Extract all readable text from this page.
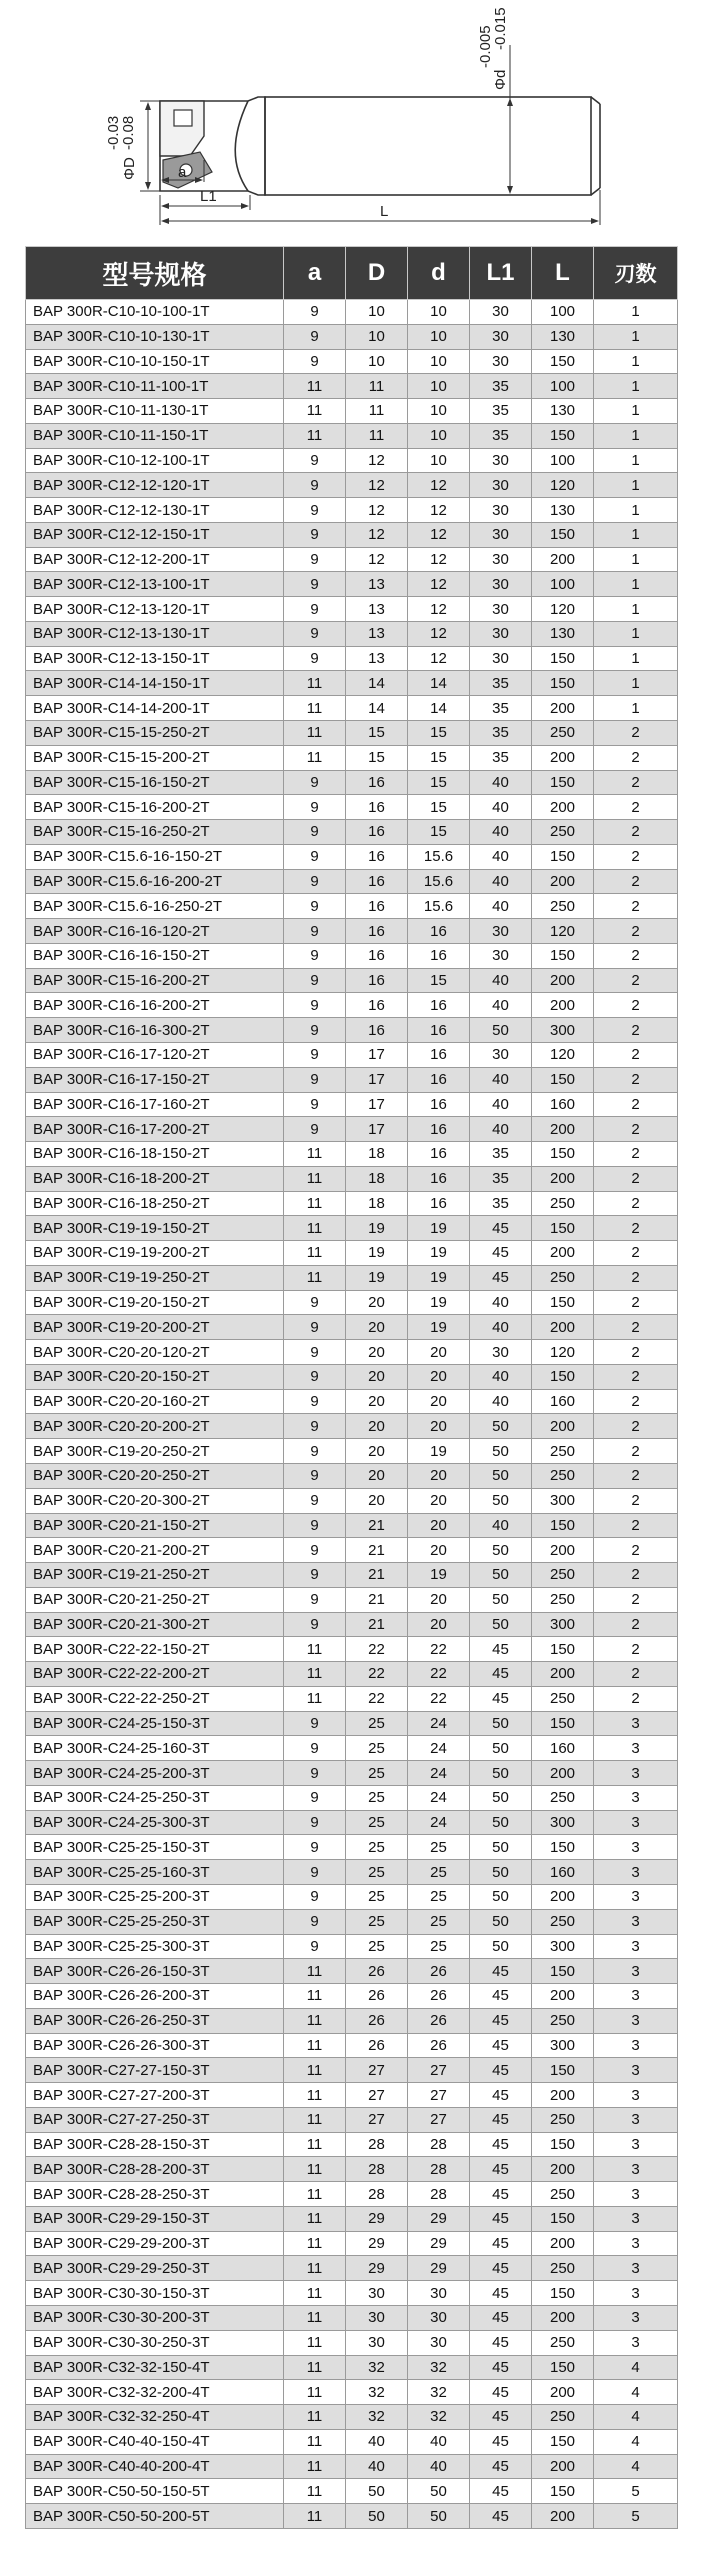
ΦD
-0.03
-0.08
Φd
-0.005
-0.015
a
L1
L
型号规格	a	D	d	L1	L	刃数
BAP 300R-C10-10-100-1T	9	10	10	30	100	1
BAP 300R-C10-10-130-1T	9	10	10	30	130	1
BAP 300R-C10-10-150-1T	9	10	10	30	150	1
BAP 300R-C10-11-100-1T	11	11	10	35	100	1
BAP 300R-C10-11-130-1T	11	11	10	35	130	1
BAP 300R-C10-11-150-1T	11	11	10	35	150	1
BAP 300R-C10-12-100-1T	9	12	10	30	100	1
BAP 300R-C12-12-120-1T	9	12	12	30	120	1
BAP 300R-C12-12-130-1T	9	12	12	30	130	1
BAP 300R-C12-12-150-1T	9	12	12	30	150	1
BAP 300R-C12-12-200-1T	9	12	12	30	200	1
BAP 300R-C12-13-100-1T	9	13	12	30	100	1
BAP 300R-C12-13-120-1T	9	13	12	30	120	1
BAP 300R-C12-13-130-1T	9	13	12	30	130	1
BAP 300R-C12-13-150-1T	9	13	12	30	150	1
BAP 300R-C14-14-150-1T	11	14	14	35	150	1
BAP 300R-C14-14-200-1T	11	14	14	35	200	1
BAP 300R-C15-15-250-2T	11	15	15	35	250	2
BAP 300R-C15-15-200-2T	11	15	15	35	200	2
BAP 300R-C15-16-150-2T	9	16	15	40	150	2
BAP 300R-C15-16-200-2T	9	16	15	40	200	2
BAP 300R-C15-16-250-2T	9	16	15	40	250	2
BAP 300R-C15.6-16-150-2T	9	16	15.6	40	150	2
BAP 300R-C15.6-16-200-2T	9	16	15.6	40	200	2
BAP 300R-C15.6-16-250-2T	9	16	15.6	40	250	2
BAP 300R-C16-16-120-2T	9	16	16	30	120	2
BAP 300R-C16-16-150-2T	9	16	16	30	150	2
BAP 300R-C15-16-200-2T	9	16	15	40	200	2
BAP 300R-C16-16-200-2T	9	16	16	40	200	2
BAP 300R-C16-16-300-2T	9	16	16	50	300	2
BAP 300R-C16-17-120-2T	9	17	16	30	120	2
BAP 300R-C16-17-150-2T	9	17	16	40	150	2
BAP 300R-C16-17-160-2T	9	17	16	40	160	2
BAP 300R-C16-17-200-2T	9	17	16	40	200	2
BAP 300R-C16-18-150-2T	11	18	16	35	150	2
BAP 300R-C16-18-200-2T	11	18	16	35	200	2
BAP 300R-C16-18-250-2T	11	18	16	35	250	2
BAP 300R-C19-19-150-2T	11	19	19	45	150	2
BAP 300R-C19-19-200-2T	11	19	19	45	200	2
BAP 300R-C19-19-250-2T	11	19	19	45	250	2
BAP 300R-C19-20-150-2T	9	20	19	40	150	2
BAP 300R-C19-20-200-2T	9	20	19	40	200	2
BAP 300R-C20-20-120-2T	9	20	20	30	120	2
BAP 300R-C20-20-150-2T	9	20	20	40	150	2
BAP 300R-C20-20-160-2T	9	20	20	40	160	2
BAP 300R-C20-20-200-2T	9	20	20	50	200	2
BAP 300R-C19-20-250-2T	9	20	19	50	250	2
BAP 300R-C20-20-250-2T	9	20	20	50	250	2
BAP 300R-C20-20-300-2T	9	20	20	50	300	2
BAP 300R-C20-21-150-2T	9	21	20	40	150	2
BAP 300R-C20-21-200-2T	9	21	20	50	200	2
BAP 300R-C19-21-250-2T	9	21	19	50	250	2
BAP 300R-C20-21-250-2T	9	21	20	50	250	2
BAP 300R-C20-21-300-2T	9	21	20	50	300	2
BAP 300R-C22-22-150-2T	11	22	22	45	150	2
BAP 300R-C22-22-200-2T	11	22	22	45	200	2
BAP 300R-C22-22-250-2T	11	22	22	45	250	2
BAP 300R-C24-25-150-3T	9	25	24	50	150	3
BAP 300R-C24-25-160-3T	9	25	24	50	160	3
BAP 300R-C24-25-200-3T	9	25	24	50	200	3
BAP 300R-C24-25-250-3T	9	25	24	50	250	3
BAP 300R-C24-25-300-3T	9	25	24	50	300	3
BAP 300R-C25-25-150-3T	9	25	25	50	150	3
BAP 300R-C25-25-160-3T	9	25	25	50	160	3
BAP 300R-C25-25-200-3T	9	25	25	50	200	3
BAP 300R-C25-25-250-3T	9	25	25	50	250	3
BAP 300R-C25-25-300-3T	9	25	25	50	300	3
BAP 300R-C26-26-150-3T	11	26	26	45	150	3
BAP 300R-C26-26-200-3T	11	26	26	45	200	3
BAP 300R-C26-26-250-3T	11	26	26	45	250	3
BAP 300R-C26-26-300-3T	11	26	26	45	300	3
BAP 300R-C27-27-150-3T	11	27	27	45	150	3
BAP 300R-C27-27-200-3T	11	27	27	45	200	3
BAP 300R-C27-27-250-3T	11	27	27	45	250	3
BAP 300R-C28-28-150-3T	11	28	28	45	150	3
BAP 300R-C28-28-200-3T	11	28	28	45	200	3
BAP 300R-C28-28-250-3T	11	28	28	45	250	3
BAP 300R-C29-29-150-3T	11	29	29	45	150	3
BAP 300R-C29-29-200-3T	11	29	29	45	200	3
BAP 300R-C29-29-250-3T	11	29	29	45	250	3
BAP 300R-C30-30-150-3T	11	30	30	45	150	3
BAP 300R-C30-30-200-3T	11	30	30	45	200	3
BAP 300R-C30-30-250-3T	11	30	30	45	250	3
BAP 300R-C32-32-150-4T	11	32	32	45	150	4
BAP 300R-C32-32-200-4T	11	32	32	45	200	4
BAP 300R-C32-32-250-4T	11	32	32	45	250	4
BAP 300R-C40-40-150-4T	11	40	40	45	150	4
BAP 300R-C40-40-200-4T	11	40	40	45	200	4
BAP 300R-C50-50-150-5T	11	50	50	45	150	5
BAP 300R-C50-50-200-5T	11	50	50	45	200	5
